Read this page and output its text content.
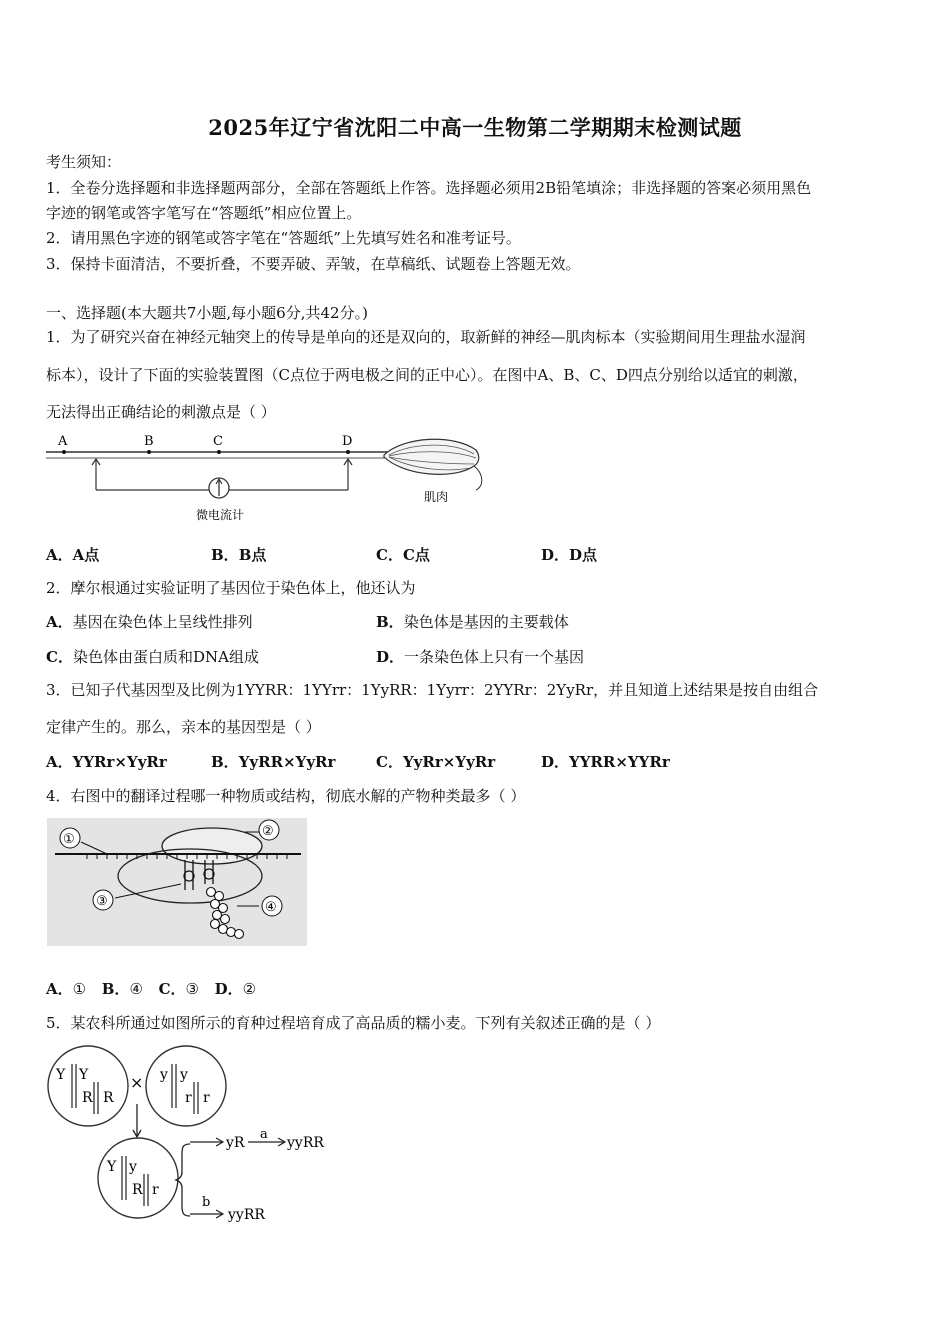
2025年辽宁省沈阳二中高一生物第二学期期末检测试题
考生须知：
1．全卷分选择题和非选择题两部分，全部在答题纸上作答。选择题必须用2B铅笔填涂；非选择题的答案必须用黑色
字迹的钢笔或答字笔写在“答题纸”相应位置上。
2．请用黑色字迹的钢笔或答字笔在“答题纸”上先填写姓名和准考证号。
3．保持卡面清洁，不要折叠，不要弄破、弄皱，在草稿纸、试题卷上答题无效。
一、选择题(本大题共7小题,每小题6分,共42分。)
1．为了研究兴奋在神经元轴突上的传导是单向的还是双向的，取新鲜的神经—肌肉标本（实验期间用生理盐水湿润
标本），设计了下面的实验装置图（C点位于两电极之间的正中心）。在图中A、B、C、D四点分别给以适宜的刺激，
无法得出正确结论的刺激点是（ ）
A	B	C	D
微电流计
肌肉
A．A点	B．B点	C．C点	D．D点
2．摩尔根通过实验证明了基因位于染色体上，他还认为
A．基因在染色体上呈线性排列	B．染色体是基因的主要载体
C．染色体由蛋白质和DNA组成	D．一条染色体上只有一个基因
3．已知子代基因型及比例为1YYRR：1YYrr：1YyRR：1Yyrr：2YYRr：2YyRr，并且知道上述结果是按自由组合
定律产生的。那么，亲本的基因型是（ ）
A．YYRr×YyRr	B．YyRR×YyRr	C．YyRr×YyRr	D．YYRR×YYRr
4．右图中的翻译过程哪一种物质或结构，彻底水解的产物种类最多（ ）
①
②
③	④
A．① B．④ C．③ D．②
5．某农科所通过如图所示的育种过程培育成了高品质的糯小麦。下列有关叙述正确的是（ ）
Y Y
R R
× y y
r r
Y y
R r
yR
a
yyRR
b
yyRR
